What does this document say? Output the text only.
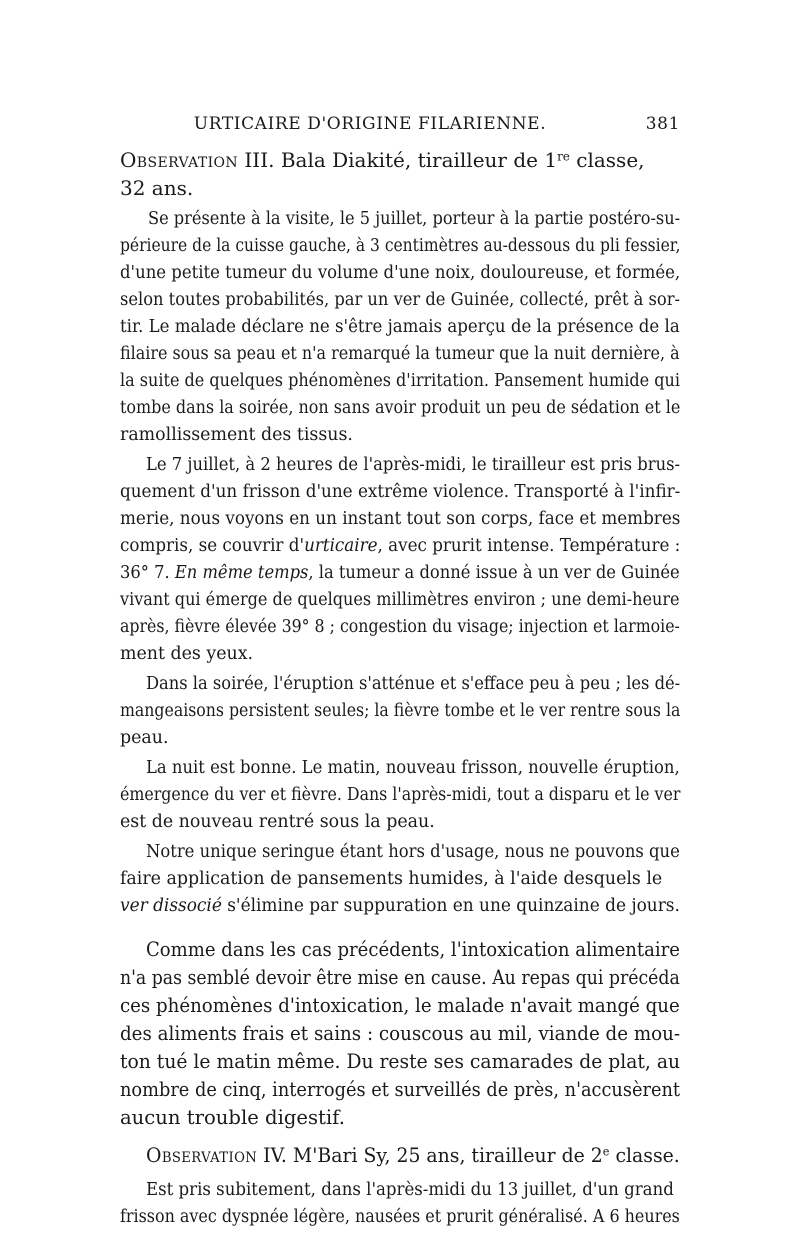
URTICAIRE D'ORIGINE FILARIENNE.	381
Observation III. Bala Diakité, tirailleur de 1re classe,
32 ans.
Se présente à la visite, le 5 juillet, porteur à la partie postéro-su-
périeure de la cuisse gauche, à 3 centimètres au-dessous du pli fessier,
d'une petite tumeur du volume d'une noix, douloureuse, et formée,
selon toutes probabilités, par un ver de Guinée, collecté, prêt à sor-
tir. Le malade déclare ne s'être jamais aperçu de la présence de la
filaire sous sa peau et n'a remarqué la tumeur que la nuit dernière, à
la suite de quelques phénomènes d'irritation. Pansement humide qui
tombe dans la soirée, non sans avoir produit un peu de sédation et le
ramollissement des tissus.
Le 7 juillet, à 2 heures de l'après-midi, le tirailleur est pris brus-
quement d'un frisson d'une extrême violence. Transporté à l'infir-
merie, nous voyons en un instant tout son corps, face et membres
compris, se couvrir d'urticaire, avec prurit intense. Température :
36° 7. En même temps, la tumeur a donné issue à un ver de Guinée
vivant qui émerge de quelques millimètres environ ; une demi-heure
après, fièvre élevée 39° 8 ; congestion du visage; injection et larmoie-
ment des yeux.
Dans la soirée, l'éruption s'atténue et s'efface peu à peu ; les dé-
mangeaisons persistent seules; la fièvre tombe et le ver rentre sous la
peau.
La nuit est bonne. Le matin, nouveau frisson, nouvelle éruption,
émergence du ver et fièvre. Dans l'après-midi, tout a disparu et le ver
est de nouveau rentré sous la peau.
Notre unique seringue étant hors d'usage, nous ne pouvons que
faire application de pansements humides, à l'aide desquels le
ver dissocié s'élimine par suppuration en une quinzaine de jours.
Comme dans les cas précédents, l'intoxication alimentaire
n'a pas semblé devoir être mise en cause. Au repas qui précéda
ces phénomènes d'intoxication, le malade n'avait mangé que
des aliments frais et sains : couscous au mil, viande de mou-
ton tué le matin même. Du reste ses camarades de plat, au
nombre de cinq, interrogés et surveillés de près, n'accusèrent
aucun trouble digestif.
Observation IV. M'Bari Sy, 25 ans, tirailleur de 2e classe.
Est pris subitement, dans l'après-midi du 13 juillet, d'un grand
frisson avec dyspnée légère, nausées et prurit généralisé. A 6 heures
